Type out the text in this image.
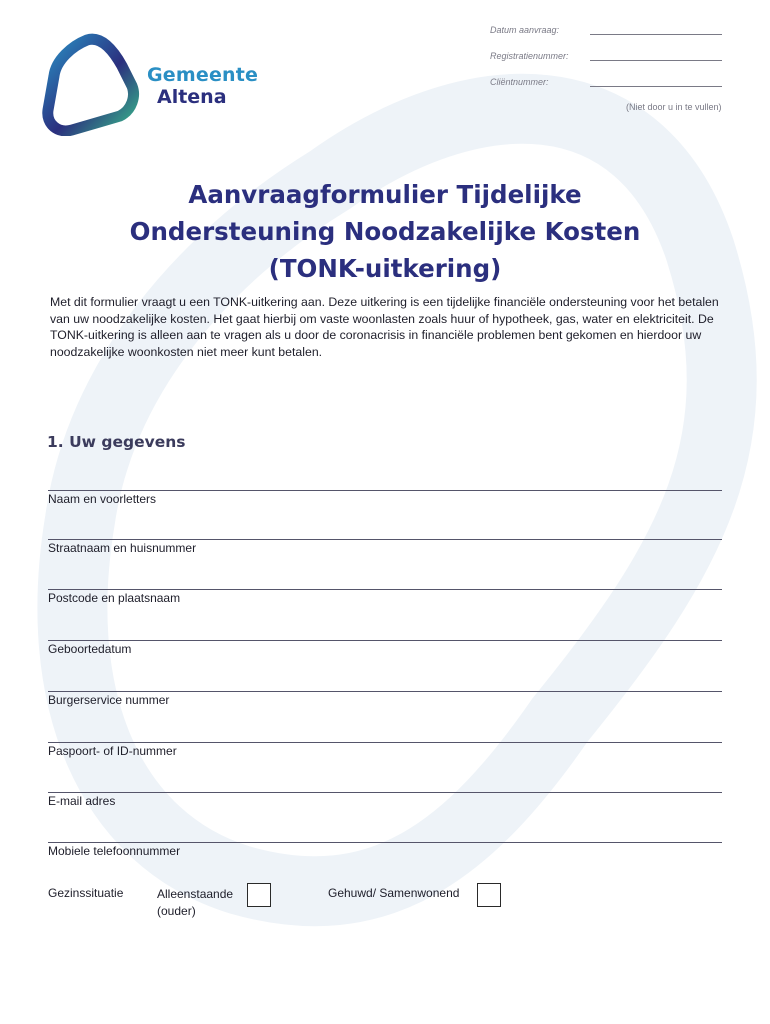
Gemeente
Altena
Datum aanvraag:
Registratienummer:
Cliëntnummer:
(Niet door u in te vullen)
Aanvraagformulier Tijdelijke
Ondersteuning Noodzakelijke Kosten
(TONK-uitkering)
Met dit formulier vraagt u een TONK-uitkering aan. Deze uitkering is een tijdelijke financiële ondersteuning voor het betalen van uw noodzakelijke kosten. Het gaat hierbij om vaste woonlasten zoals huur of hypotheek, gas, water en elektriciteit. De TONK-uitkering is alleen aan te vragen als u door de coronacrisis in financiële problemen bent gekomen en hierdoor uw noodzakelijke woonkosten niet meer kunt betalen.
1. Uw gegevens
Naam en voorletters
Straatnaam en huisnummer
Postcode en plaatsnaam
Geboortedatum
Burgerservice nummer
Paspoort- of ID-nummer
E-mail adres
Mobiele telefoonnummer
Gezinssituatie	Alleenstaande
(ouder)
Gehuwd/ Samenwonend
